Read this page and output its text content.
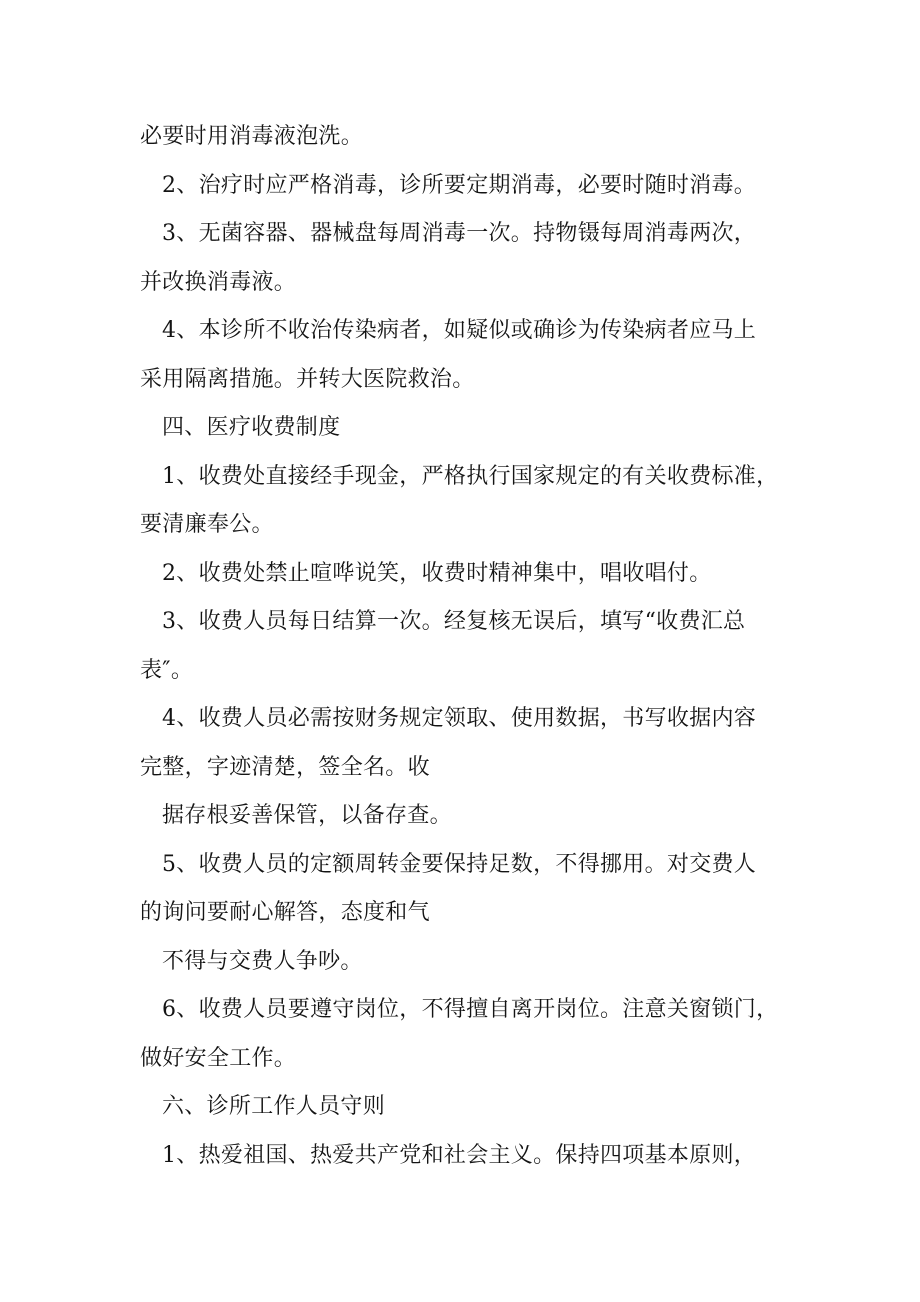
必要时用消毒液泡洗。
2、治疗时应严格消毒，诊所要定期消毒，必要时随时消毒。
3、无菌容器、器械盘每周消毒一次。持物镊每周消毒两次，
并改换消毒液。
4、本诊所不收治传染病者，如疑似或确诊为传染病者应马上
采用隔离措施。并转大医院救治。
四、医疗收费制度
1、收费处直接经手现金，严格执行国家规定的有关收费标准，
要清廉奉公。
2、收费处禁止喧哗说笑，收费时精神集中，唱收唱付。
3、收费人员每日结算一次。经复核无误后，填写“收费汇总
表″。
4、收费人员必需按财务规定领取、使用数据，书写收据内容
完整，字迹清楚，签全名。收
据存根妥善保管，以备存查。
5、收费人员的定额周转金要保持足数，不得挪用。对交费人
的询问要耐心解答，态度和气
不得与交费人争吵。
6、收费人员要遵守岗位，不得擅自离开岗位。注意关窗锁门，
做好安全工作。
六、诊所工作人员守则
1、热爱祖国、热爱共产党和社会主义。保持四项基本原则，
